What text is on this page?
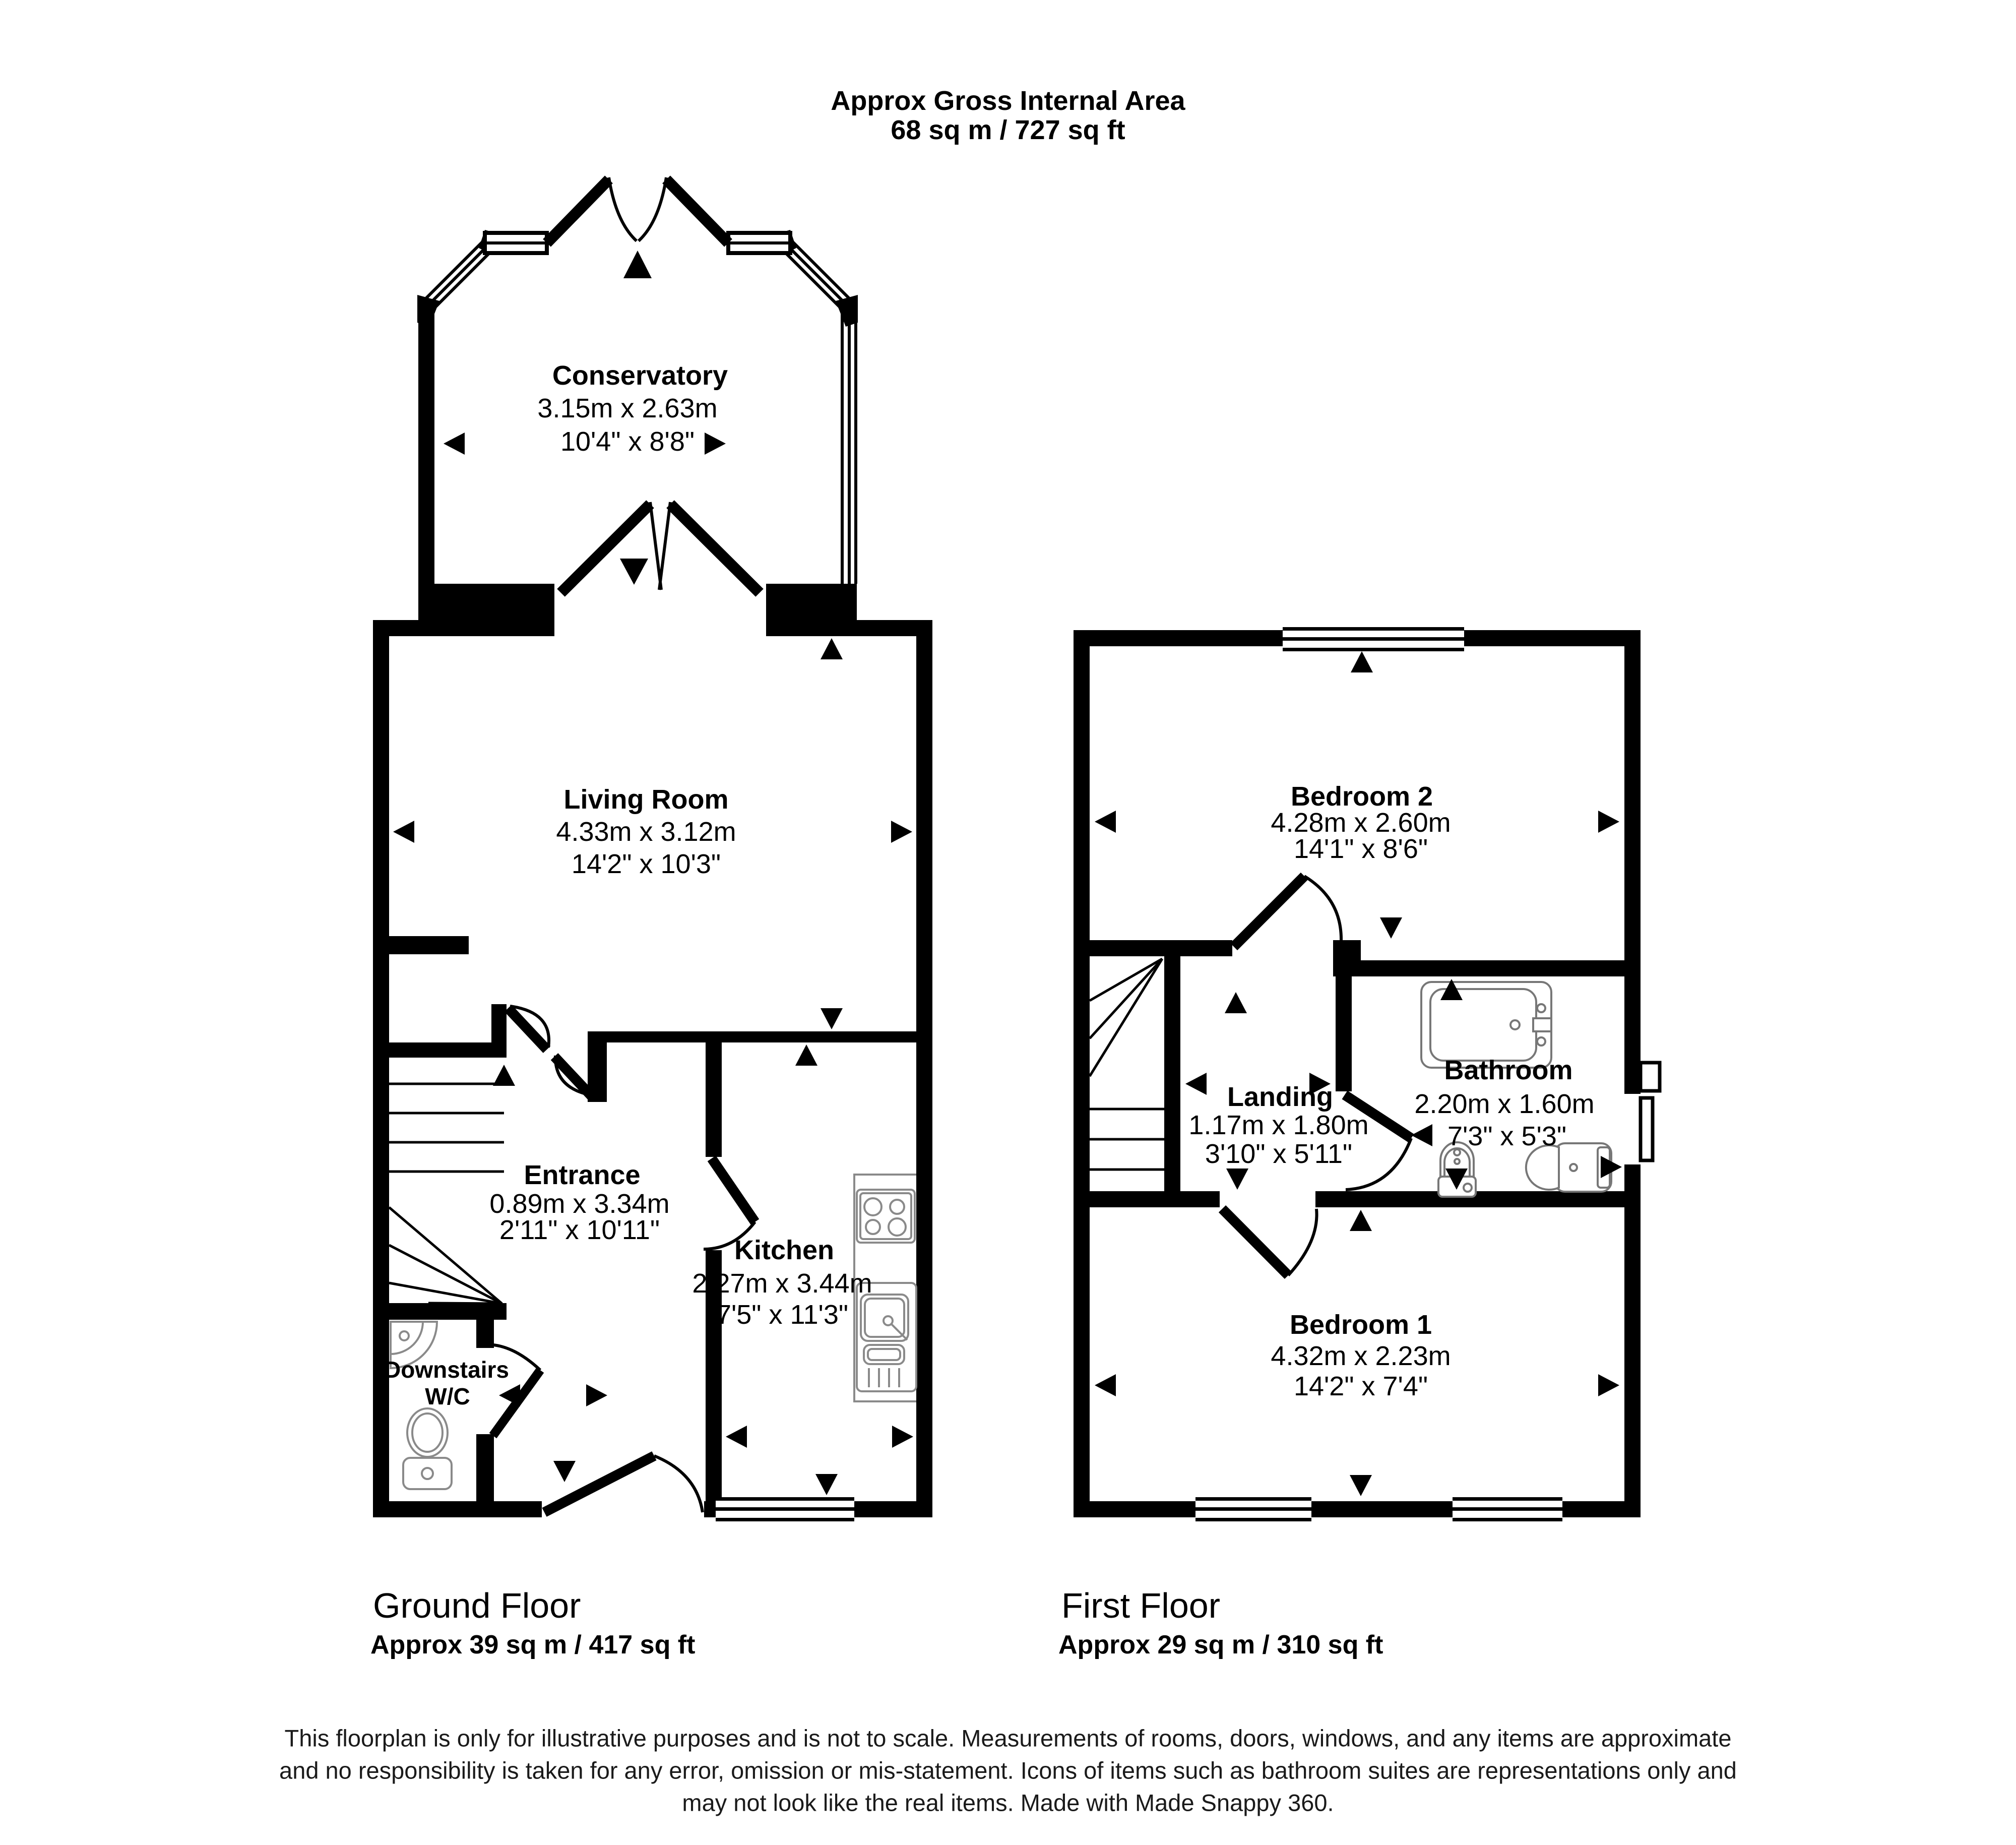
Approx Gross Internal Area
68 sq m / 727 sq ft
Conservatory
3.15m x 2.63m
10'4" x 8'8"
Living Room
4.33m x 3.12m
14'2" x 10'3"
Entrance
0.89m x 3.34m
2'11" x 10'11"
Kitchen
2.27m x 3.44m
7'5" x 11'3"
Downstairs
W/C
Bedroom 2
4.28m x 2.60m
14'1" x 8'6"
Landing
1.17m x 1.80m
3'10" x 5'11"
Bathroom
2.20m x 1.60m
7'3" x 5'3"
Bedroom 1
4.32m x 2.23m
14'2" x 7'4"
Ground Floor
Approx 39 sq m / 417 sq ft
First Floor
Approx 29 sq m / 310 sq ft
This floorplan is only for illustrative purposes and is not to scale. Measurements of rooms, doors, windows, and any items are approximate
and no responsibility is taken for any error, omission or mis-statement. Icons of items such as bathroom suites are representations only and
may not look like the real items. Made with Made Snappy 360.
